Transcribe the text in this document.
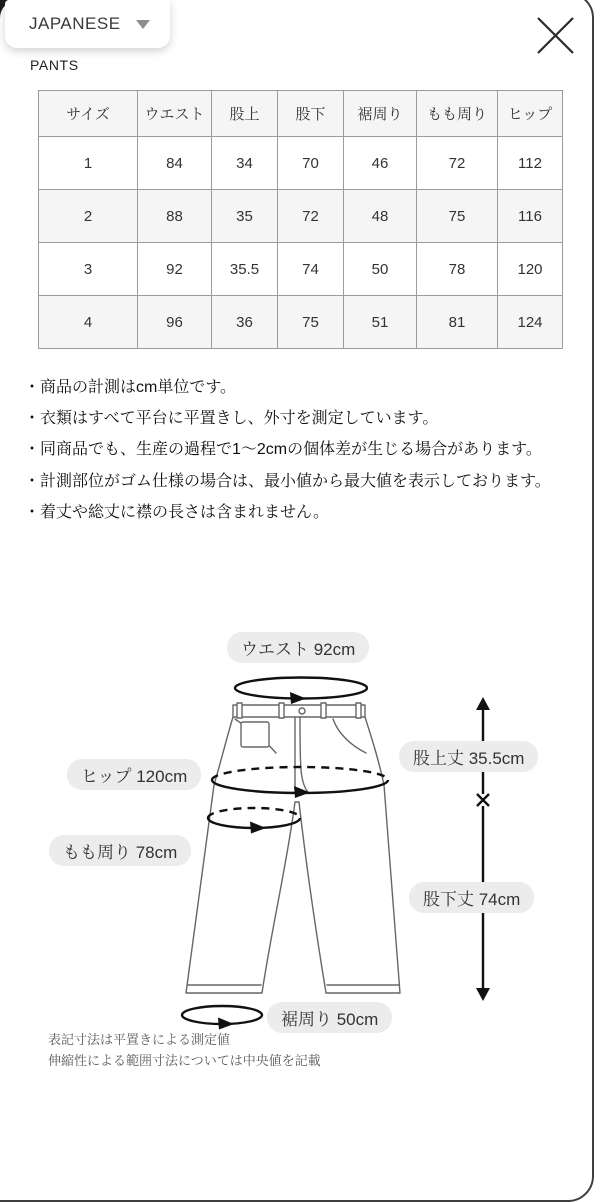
JAPANESE
PANTS
サイズ	ウエスト	股上	股下	裾周り	もも周り	ヒップ
1	84	34	70	46	72	112
2	88	35	72	48	75	116
3	92	35.5	74	50	78	120
4	96	36	75	51	81	124

・商品の計測はcm単位です。

・衣類はすべて平台に平置きし、外寸を測定しています。

・同商品でも、生産の過程で1〜2cmの個体差が生じる場合があります。

・計測部位がゴム仕様の場合は、最小値から最大値を表示しております。

・着丈や総丈に襟の長さは含まれません。

ウエスト 92cm
股上丈 35.5cm
ヒップ 120cm
もも周り 78cm
股下丈 74cm
裾周り 50cm
表記寸法は平置きによる測定値
伸縮性による範囲寸法については中央値を記載
